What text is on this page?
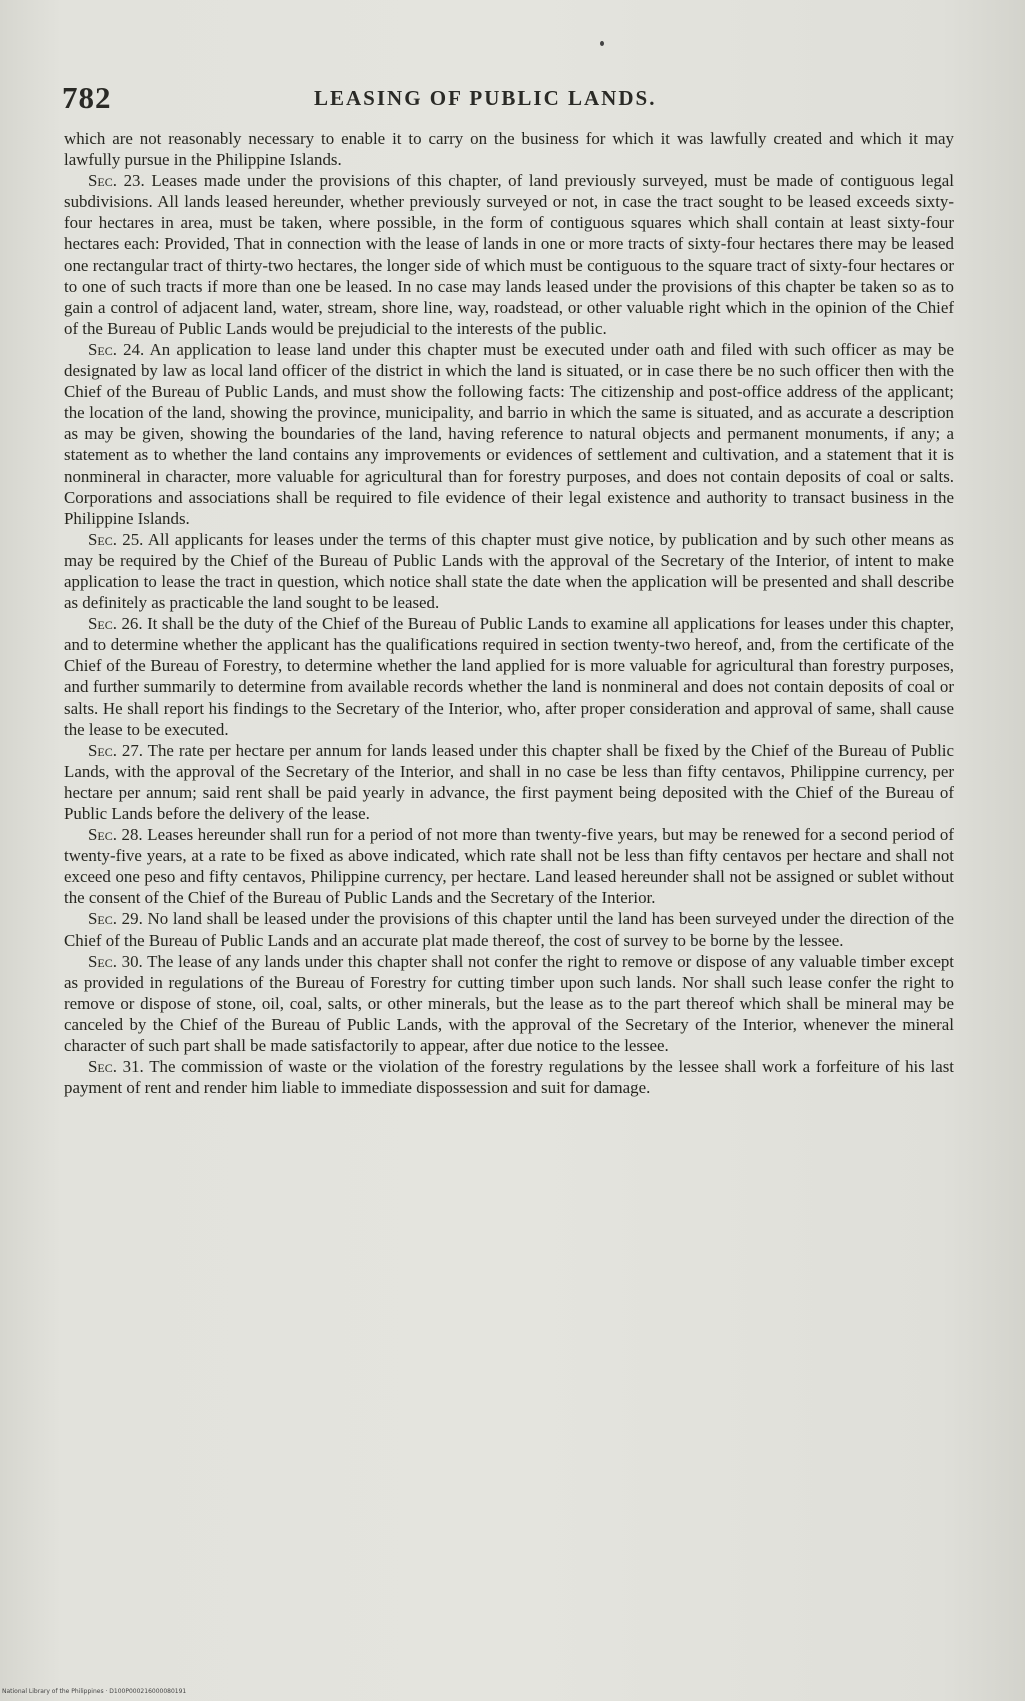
782	LEASING OF PUBLIC LANDS.

which are not reasonably necessary to enable it to carry on the business for which it was lawfully created and which it may lawfully pursue in the Philippine Islands.

Sec. 23. Leases made under the provisions of this chapter, of land previously surveyed, must be made of contiguous legal subdivisions. All lands leased hereunder, whether previously surveyed or not, in case the tract sought to be leased exceeds sixty-four hectares in area, must be taken, where possible, in the form of contiguous squares which shall contain at least sixty-four hectares each: Provided, That in connection with the lease of lands in one or more tracts of sixty-four hectares there may be leased one rectangular tract of thirty-two hectares, the longer side of which must be contiguous to the square tract of sixty-four hectares or to one of such tracts if more than one be leased. In no case may lands leased under the provisions of this chapter be taken so as to gain a control of adjacent land, water, stream, shore line, way, roadstead, or other valuable right which in the opinion of the Chief of the Bureau of Public Lands would be prejudicial to the interests of the public.

Sec. 24. An application to lease land under this chapter must be executed under oath and filed with such officer as may be designated by law as local land officer of the district in which the land is situated, or in case there be no such officer then with the Chief of the Bureau of Public Lands, and must show the following facts: The citizenship and post-office address of the applicant; the location of the land, showing the province, municipality, and barrio in which the same is situated, and as accurate a description as may be given, showing the boundaries of the land, having reference to natural objects and permanent monuments, if any; a statement as to whether the land contains any improvements or evidences of settlement and cultivation, and a statement that it is nonmineral in character, more valuable for agricultural than for forestry purposes, and does not contain deposits of coal or salts. Corporations and associations shall be required to file evidence of their legal existence and authority to transact business in the Philippine Islands.

Sec. 25. All applicants for leases under the terms of this chapter must give notice, by publication and by such other means as may be required by the Chief of the Bureau of Public Lands with the approval of the Secretary of the Interior, of intent to make application to lease the tract in question, which notice shall state the date when the application will be presented and shall describe as definitely as practicable the land sought to be leased.

Sec. 26. It shall be the duty of the Chief of the Bureau of Public Lands to examine all applications for leases under this chapter, and to determine whether the applicant has the qualifications required in section twenty-two hereof, and, from the certificate of the Chief of the Bureau of Forestry, to determine whether the land applied for is more valuable for agricultural than forestry purposes, and further summarily to determine from available records whether the land is nonmineral and does not contain deposits of coal or salts. He shall report his findings to the Secretary of the Interior, who, after proper consideration and approval of same, shall cause the lease to be executed.

Sec. 27. The rate per hectare per annum for lands leased under this chapter shall be fixed by the Chief of the Bureau of Public Lands, with the approval of the Secretary of the Interior, and shall in no case be less than fifty centavos, Philippine currency, per hectare per annum; said rent shall be paid yearly in advance, the first payment being deposited with the Chief of the Bureau of Public Lands before the delivery of the lease.

Sec. 28. Leases hereunder shall run for a period of not more than twenty-five years, but may be renewed for a second period of twenty-five years, at a rate to be fixed as above indicated, which rate shall not be less than fifty centavos per hectare and shall not exceed one peso and fifty centavos, Philippine currency, per hectare. Land leased hereunder shall not be assigned or sublet without the consent of the Chief of the Bureau of Public Lands and the Secretary of the Interior.

Sec. 29. No land shall be leased under the provisions of this chapter until the land has been surveyed under the direction of the Chief of the Bureau of Public Lands and an accurate plat made thereof, the cost of survey to be borne by the lessee.

Sec. 30. The lease of any lands under this chapter shall not confer the right to remove or dispose of any valuable timber except as provided in regulations of the Bureau of Forestry for cutting timber upon such lands. Nor shall such lease confer the right to remove or dispose of stone, oil, coal, salts, or other minerals, but the lease as to the part thereof which shall be mineral may be canceled by the Chief of the Bureau of Public Lands, with the approval of the Secretary of the Interior, whenever the mineral character of such part shall be made satisfactorily to appear, after due notice to the lessee.

Sec. 31. The commission of waste or the violation of the forestry regulations by the lessee shall work a forfeiture of his last payment of rent and render him liable to immediate dispossession and suit for damage.

National Library of the Philippines · D100P000216000080191
